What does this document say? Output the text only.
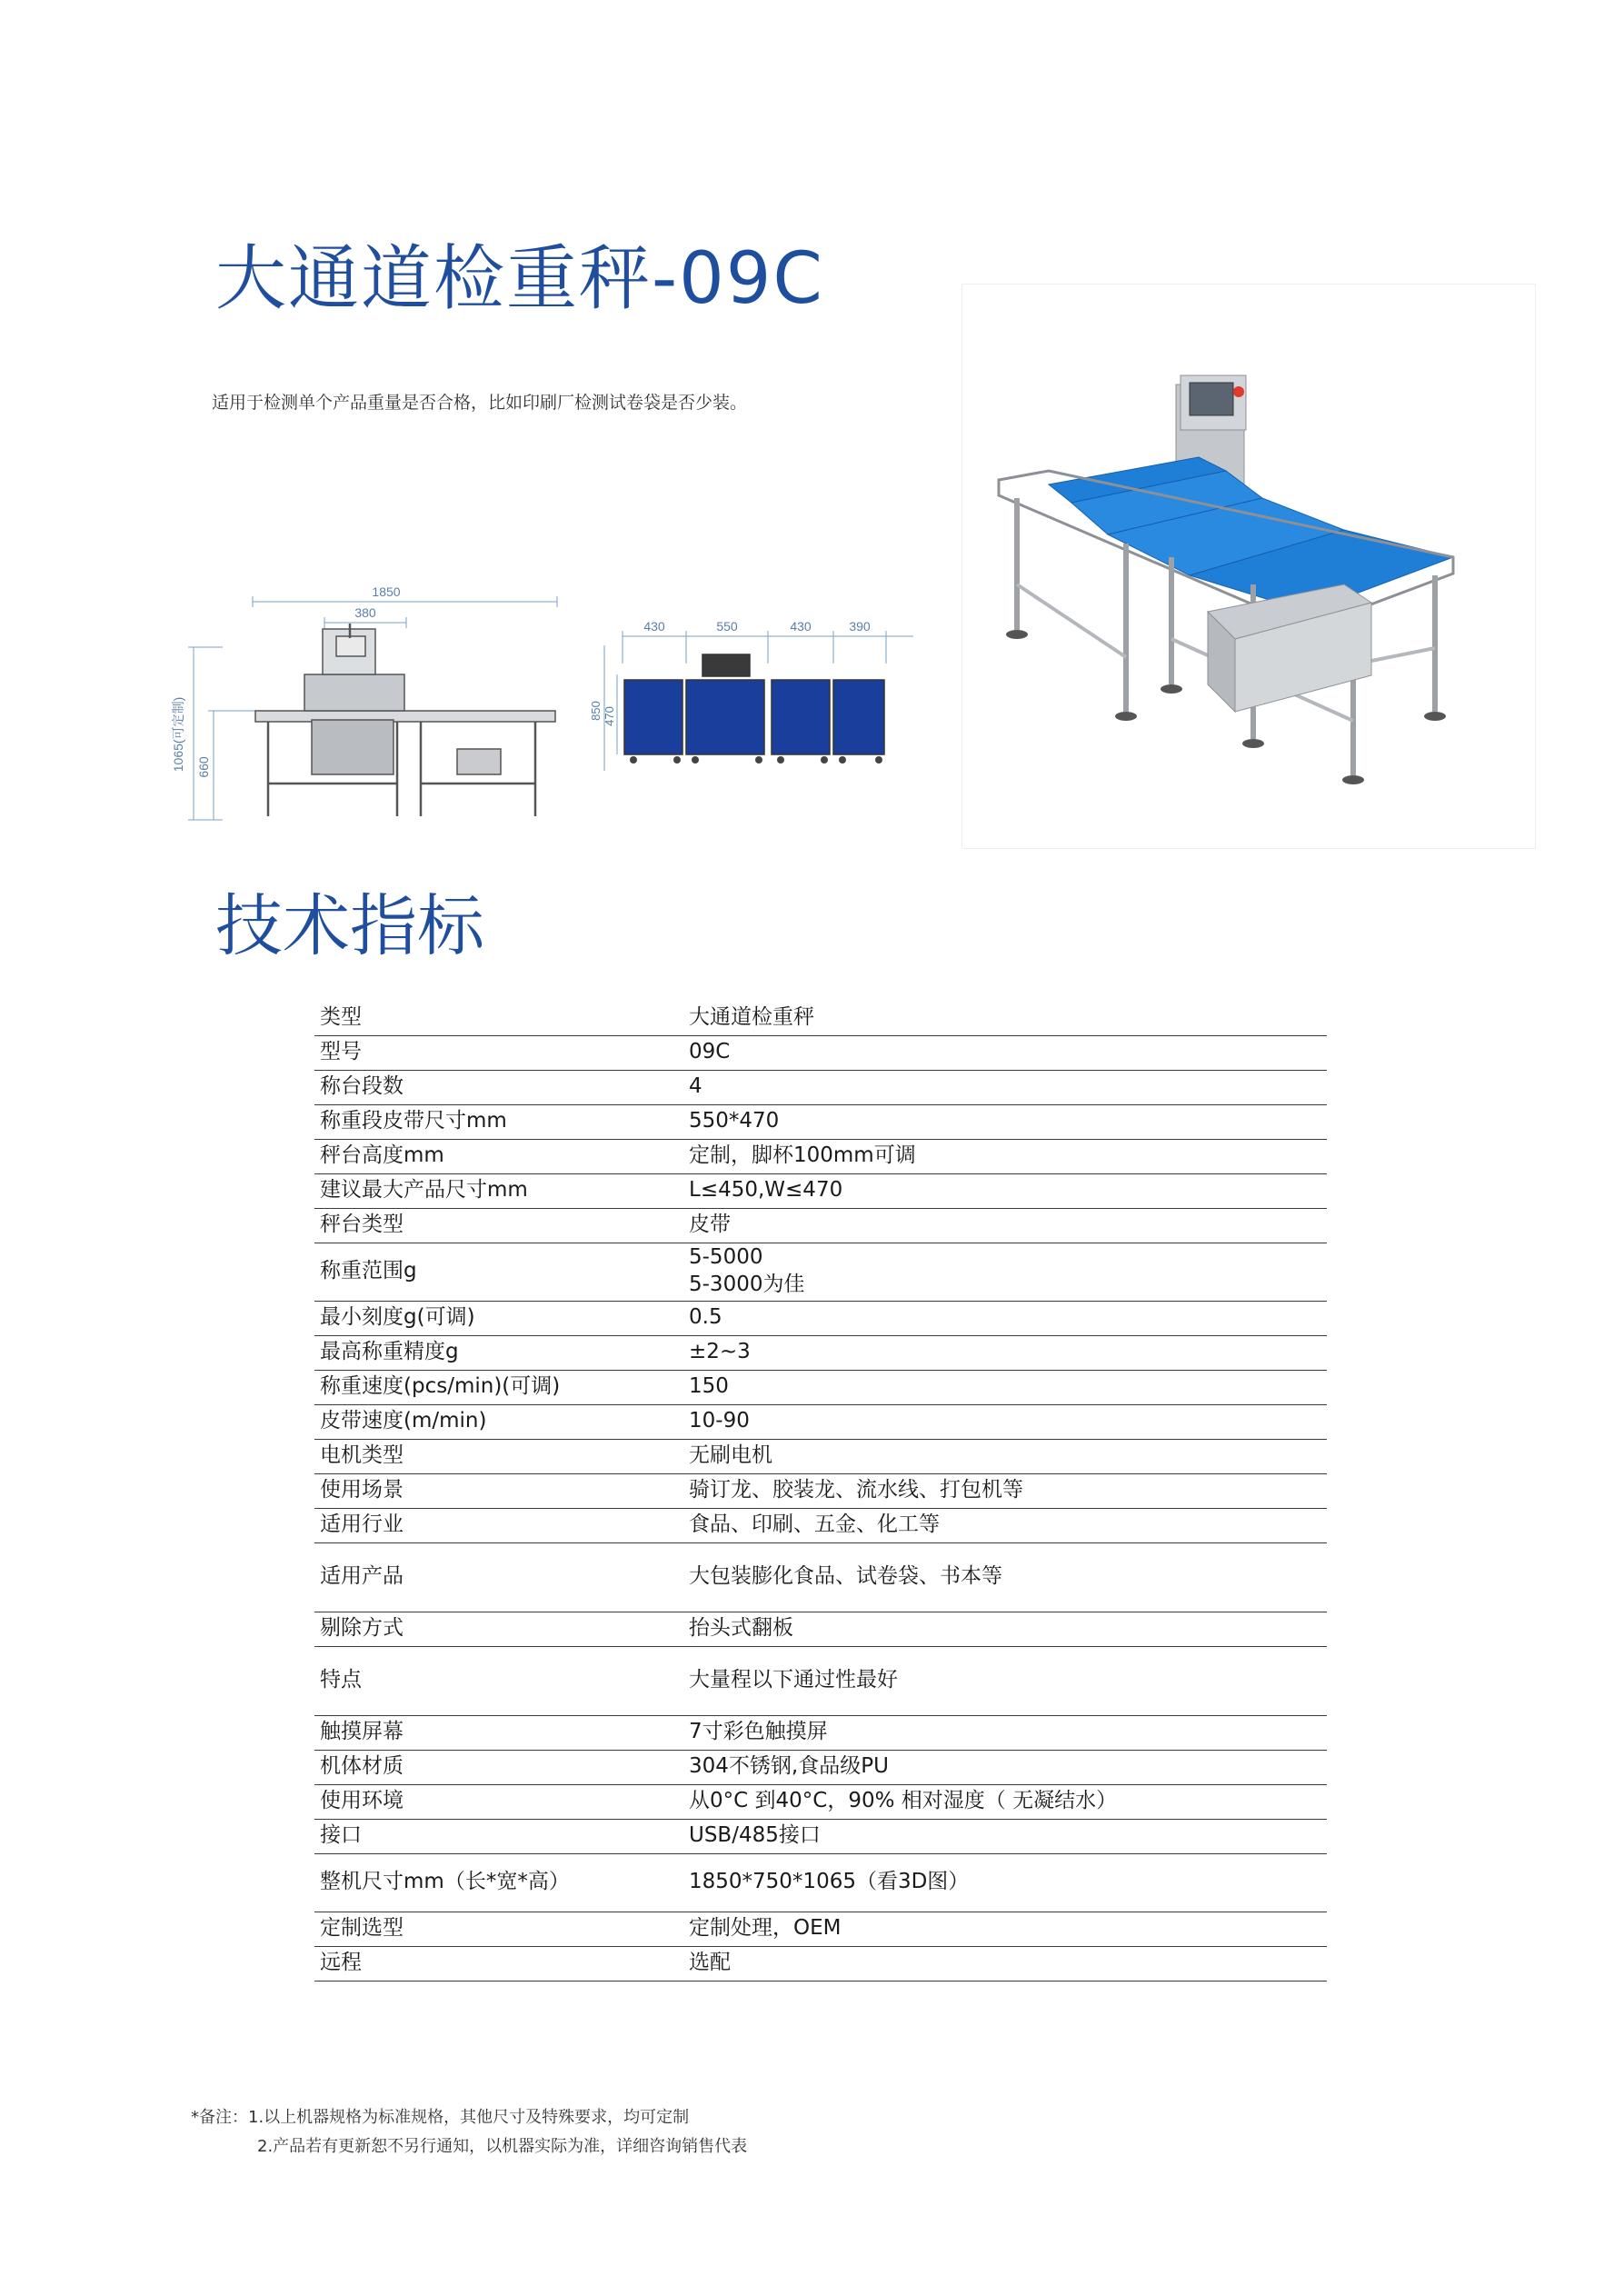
大通道检重秤-09C
适用于检测单个产品重量是否合格，比如印刷厂检测试卷袋是否少装。
1850
380
1065(可定制) 660
430	550	430	390
850 470
技术指标
类型	大通道检重秤

型号	09C

称台段数	4

称重段皮带尺寸mm	550*470

秤台高度mm	定制，脚杯100mm可调

建议最大产品尺寸mm	L≤450,W≤470

秤台类型	皮带

称重范围g	5-5000
5-3000为佳

最小刻度g(可调)	0.5

最高称重精度g	±2~3

称重速度(pcs/min)(可调)	150

皮带速度(m/min)	10-90

电机类型	无刷电机

使用场景	骑订龙、胶装龙、流水线、打包机等

适用行业	食品、印刷、五金、化工等

适用产品	大包装膨化食品、试卷袋、书本等

剔除方式	抬头式翻板

特点	大量程以下通过性最好

触摸屏幕	7寸彩色触摸屏

机体材质	304不锈钢,食品级PU

使用环境	从0°C 到40°C，90% 相对湿度（ 无凝结水）

接口	USB/485接口

整机尺寸mm（长*宽*高）	1850*750*1065（看3D图）

定制选型	定制处理，OEM

远程	选配
*备注：1.以上机器规格为标准规格，其他尺寸及特殊要求，均可定制
2.产品若有更新恕不另行通知，以机器实际为准，详细咨询销售代表
